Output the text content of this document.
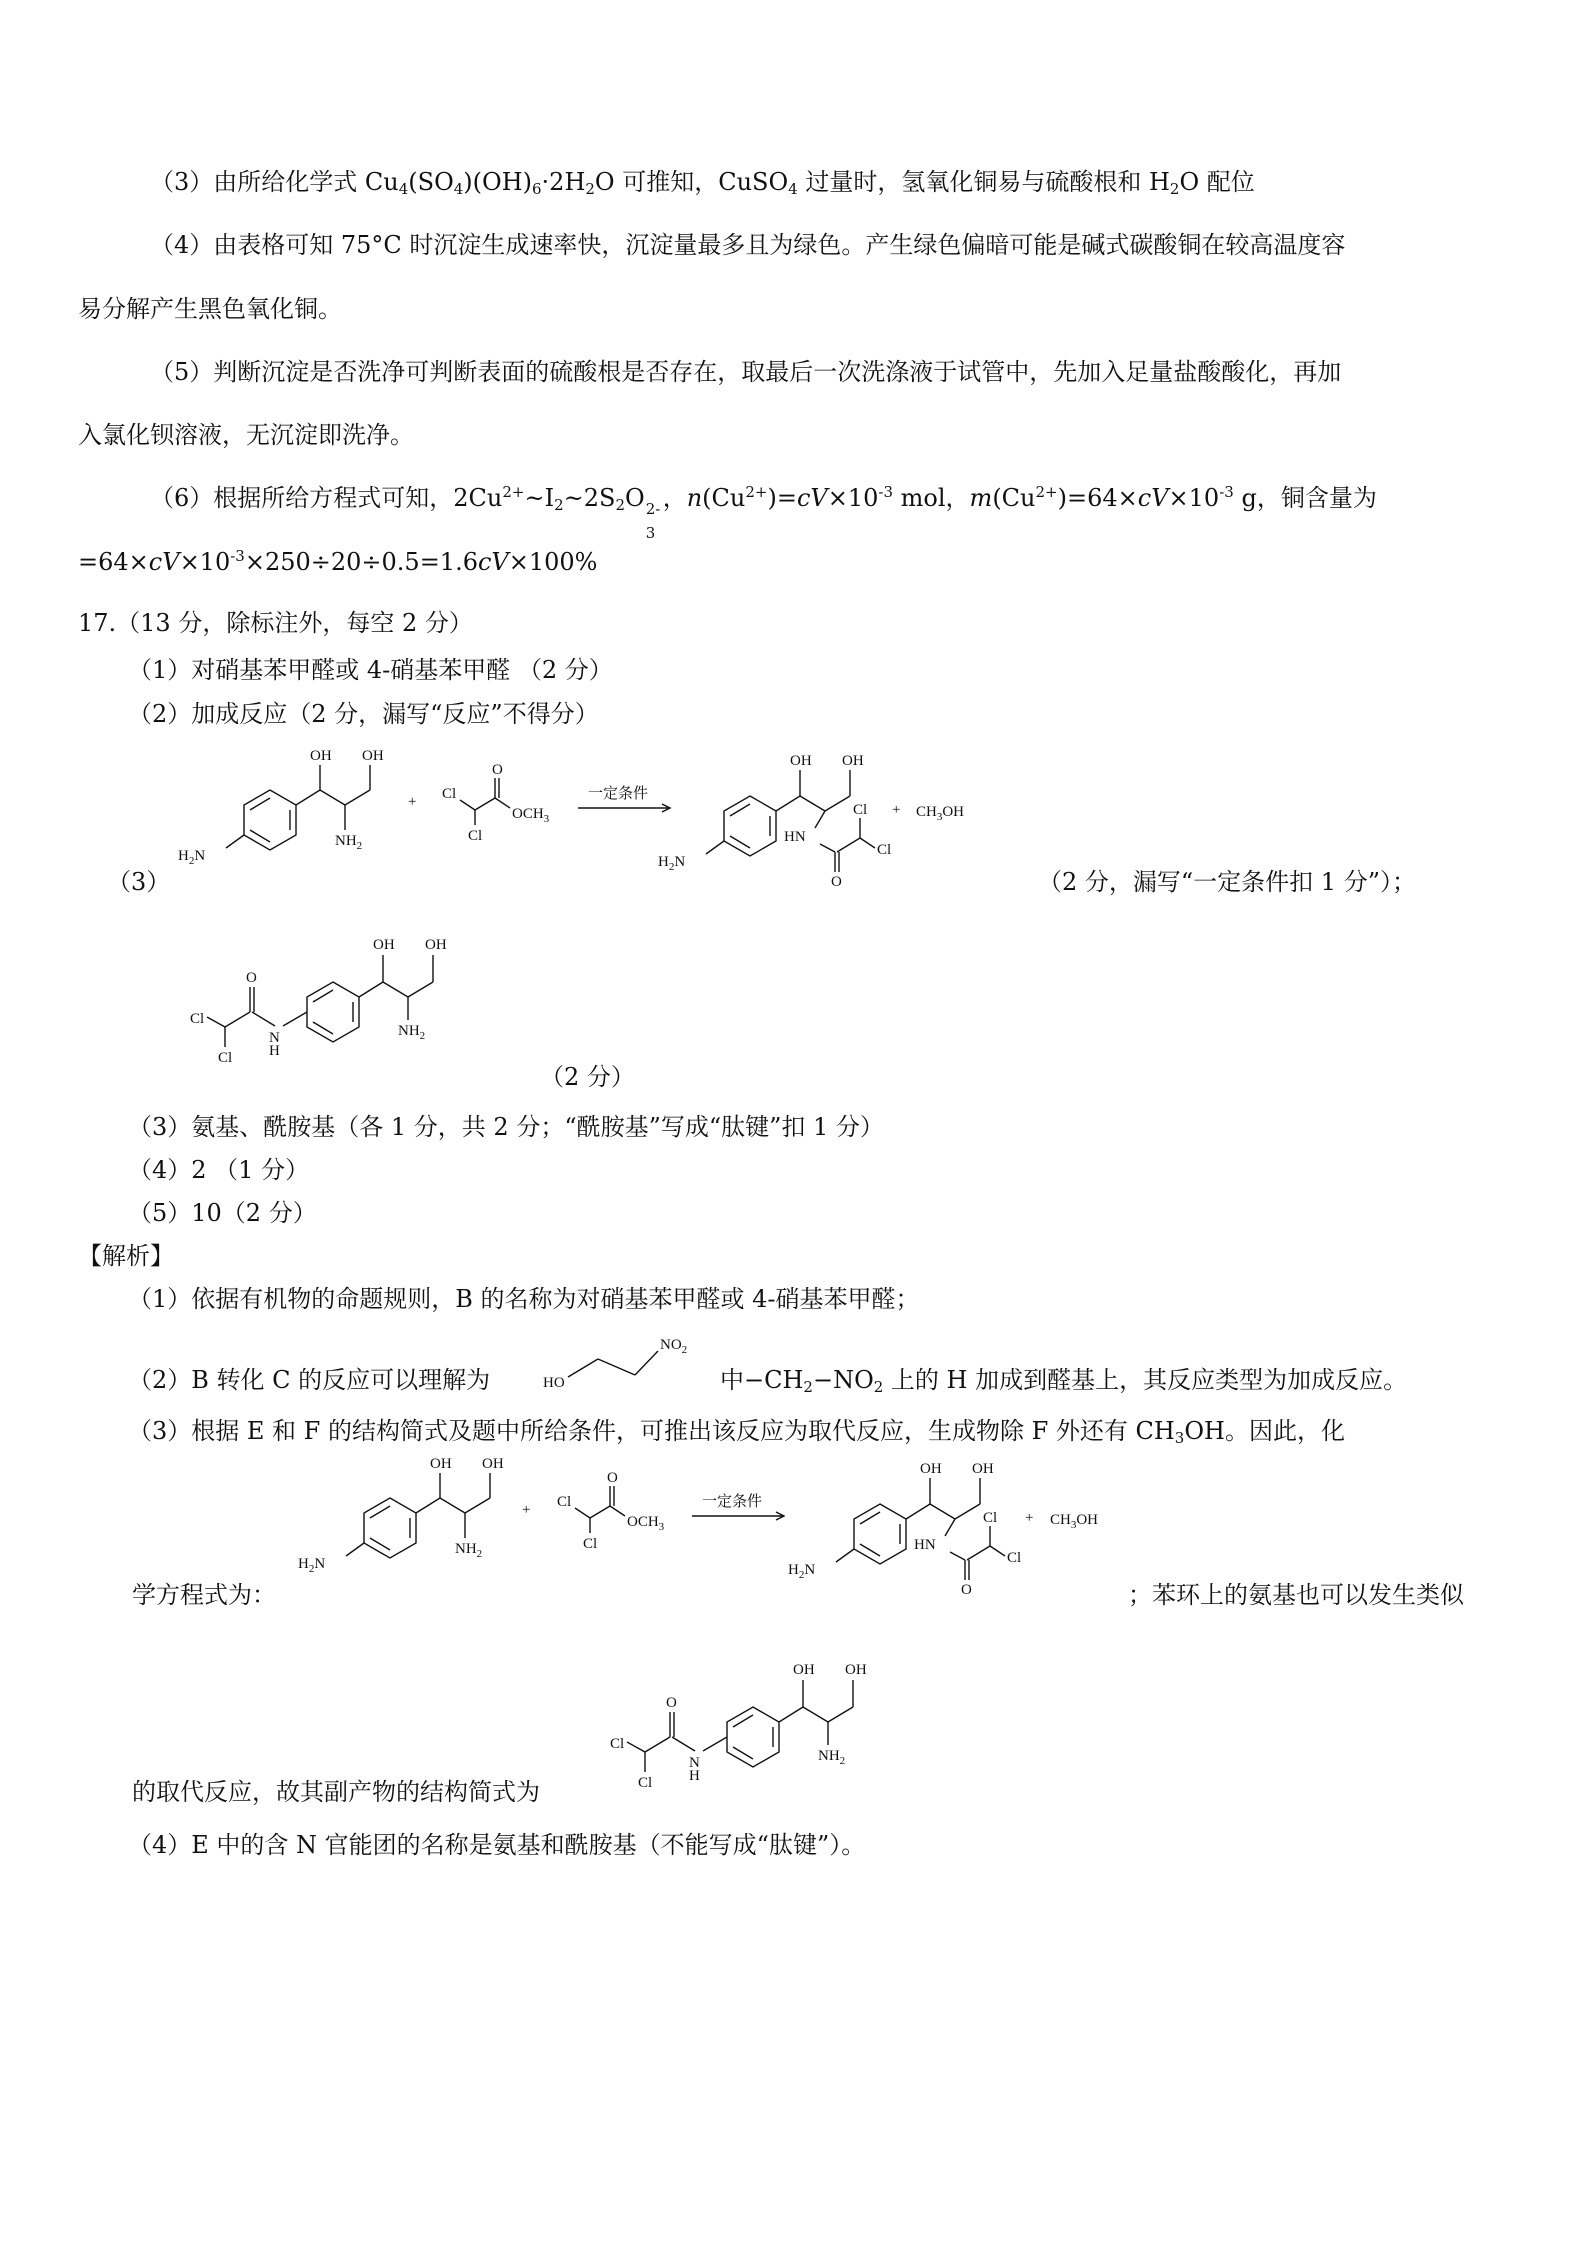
（3）由所给化学式 $Cu_4(SO_4)(OH)_6\cdot 2H_2O$ 可推知，CuSO$_4$ 过量时，氢氧化铜易与硫酸根和 $H_2O$ 配位
（4）由表格可知 75°C 时沉淀生成速率快，沉淀量最多且为绿色。产生绿色偏暗可能是碱式碳酸铜在较高温度容
易分解产生黑色氧化铜。
（5）判断沉淀是否洗净可判断表面的硫酸根是否存在，取最后一次洗涤液于试管中，先加入足量盐酸酸化，再加
入氯化钡溶液，无沉淀即洗净。
（6）根据所给方程式可知，$2Cu^{2+}\sim I_2\sim 2S_2O$ 2-
3
，$n(Cu^{2+})=cV\times 10^{-3}$ mol，$m(Cu^{2+})=64\times cV\times 10^{-3}$ g，铜含量为
$=64\times cV\times 10^{-3}\times 250\div 20\div 0.5=1.6cV\times 100\%$
17.（13 分，除标注外，每空 2 分）
（1）对硝基苯甲醛或 4-硝基苯甲醛 （2 分）
（2）加成反应（2 分，漏写“反应”不得分）
（3）
$H_2N$
OH
$NH_2$
OH
+ Cl
Cl
O
$OCH_3$
一定条件
$H_2N$
OH
HN
OH
O
Cl
Cl
+ $CH_3OH$
（2 分，漏写“一定条件扣 1 分”）；
Cl
Cl
O
N
H
OH
$NH_2$
OH
（2 分）
（3）氨基、酰胺基（各 1 分，共 2 分；“酰胺基”写成“肽键”扣 1 分）
（4）2 （1 分）
（5）10（2 分）
【解析】
（1）依据有机物的命题规则，B 的名称为对硝基苯甲醛或 4-硝基苯甲醛；
（2）B 转化 C 的反应可以理解为	HO
$NO_2$
中$-CH_2-NO_2$ 上的 H 加成到醛基上，其反应类型为加成反应。
（3）根据 E 和 F 的结构简式及题中所给条件，可推出该反应为取代反应，生成物除 F 外还有 $CH_3OH$。因此，化
$H_2N$
OH
$NH_2$
OH
+ Cl
Cl
O
$OCH_3$
一定条件
$H_2N$
OH
HN
OH
O
Cl
Cl
+ $CH_3OH$
学方程式为：	；苯环上的氨基也可以发生类似
Cl
Cl
O
N
H
OH
$NH_2$
OH
的取代反应，故其副产物的结构简式为
（4）E 中的含 N 官能团的名称是氨基和酰胺基（不能写成“肽键”）。
